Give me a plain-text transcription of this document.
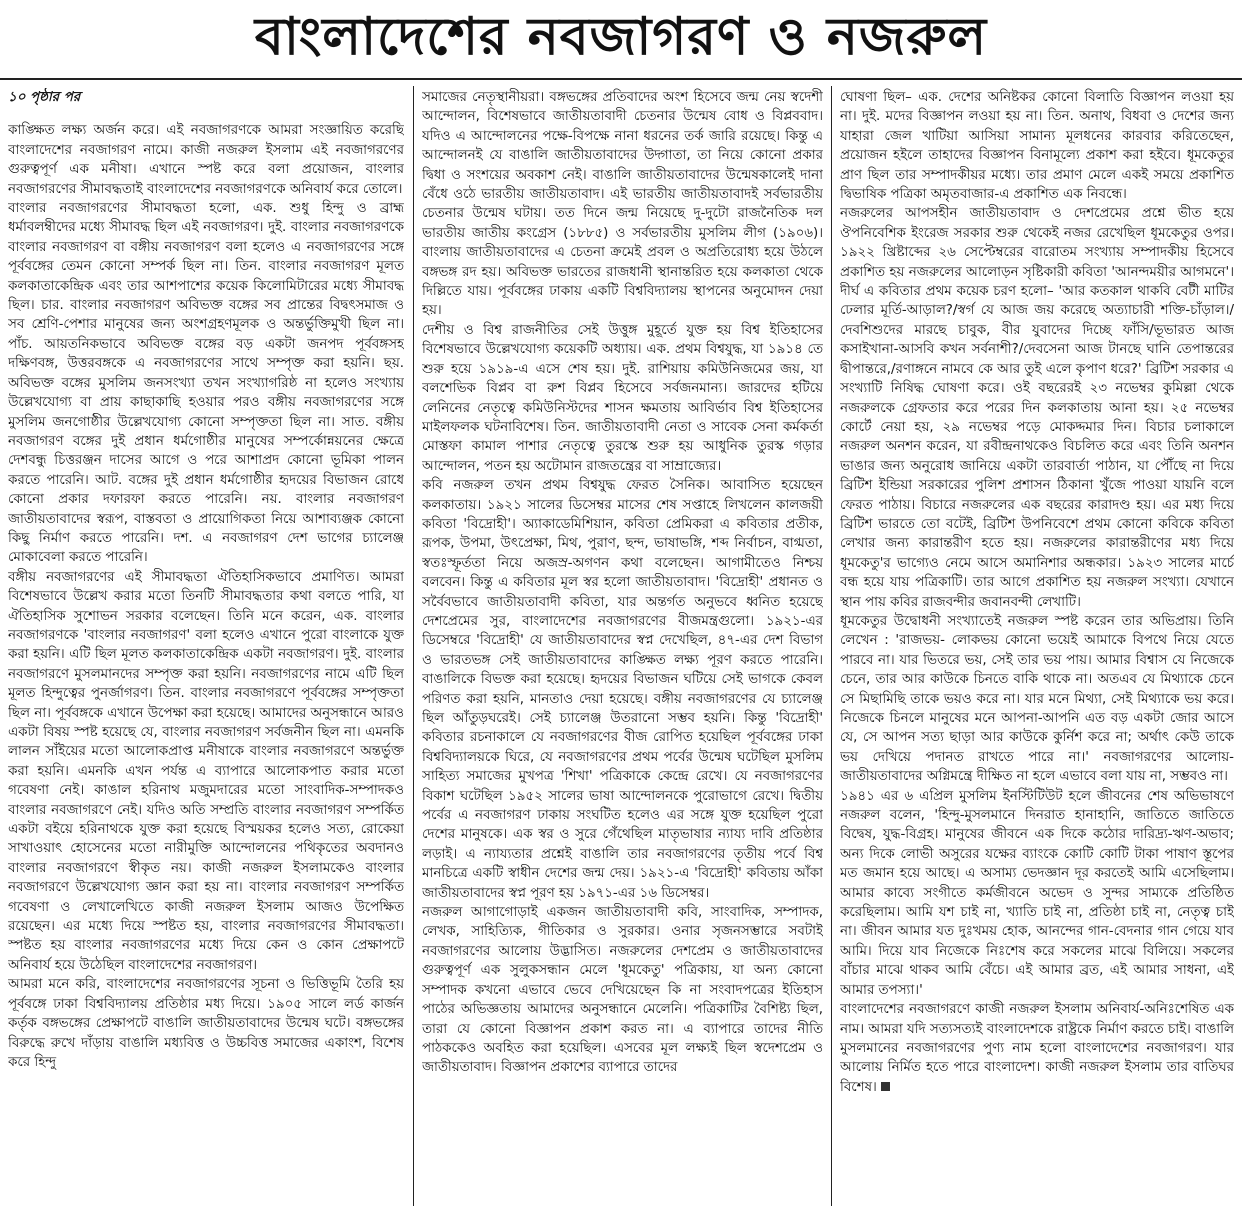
বাংলাদেশের নবজাগরণ ও নজরুল

১০ পৃষ্ঠার পর

কাঙ্ক্ষিত লক্ষ্য অর্জন করে। এই নবজাগরণকে আমরা সংজ্ঞায়িত করেছি বাংলাদেশের নবজাগরণ নামে। কাজী নজরুল ইসলাম এই নবজাগরণের গুরুত্বপূর্ণ এক মনীষা। এখানে স্পষ্ট করে বলা প্রয়োজন, বাংলার নবজাগরণের সীমাবদ্ধতাই বাংলাদেশের নবজাগরণকে অনিবার্য করে তোলে।

বাংলার নবজাগরণের সীমাবদ্ধতা হলো, এক. শুধু হিন্দু ও ব্রাহ্ম ধর্মাবলম্বীদের মধ্যে সীমাবদ্ধ ছিল এই নবজাগরণ। দুই. বাংলার নবজাগরণকে বাংলার নবজাগরণ বা বঙ্গীয় নবজাগরণ বলা হলেও এ নবজাগরণের সঙ্গে পূর্ববঙ্গের তেমন কোনো সম্পর্ক ছিল না। তিন. বাংলার নবজাগরণ মূলত কলকাতাকেন্দ্রিক এবং তার আশপাশের কয়েক কিলোমিটারের মধ্যে সীমাবদ্ধ ছিল। চার. বাংলার নবজাগরণ অবিভক্ত বঙ্গের সব প্রান্তের বিদ্বৎসমাজ ও সব শ্রেণি-পেশার মানুষের জন্য অংশগ্রহণমূলক ও অন্তর্ভুক্তিমুখী ছিল না। পাঁচ. আয়তনিকভাবে অবিভক্ত বঙ্গের বড় একটা জনপদ পূর্ববঙ্গসহ দক্ষিণবঙ্গ, উত্তরবঙ্গকে এ নবজাগরণের সাথে সম্পৃক্ত করা হয়নি। ছয়. অবিভক্ত বঙ্গের মুসলিম জনসংখ্যা তখন সংখ্যাগরিষ্ঠ না হলেও সংখ্যায় উল্লেখযোগ্য বা প্রায় কাছাকাছি হওয়ার পরও বঙ্গীয় নবজাগরণের সঙ্গে মুসলিম জনগোষ্ঠীর উল্লেখযোগ্য কোনো সম্পৃক্ততা ছিল না। সাত. বঙ্গীয় নবজাগরণ বঙ্গের দুই প্রধান ধর্মগোষ্ঠীর মানুষের সম্পর্কোন্নয়নের ক্ষেত্রে দেশবন্ধু চিত্তরঞ্জন দাসের আগে ও পরে আশাপ্রদ কোনো ভূমিকা পালন করতে পারেনি। আট. বঙ্গের দুই প্রধান ধর্মগোষ্ঠীর হৃদয়ের বিভাজন রোধে কোনো প্রকার দফারফা করতে পারেনি। নয়. বাংলার নবজাগরণ জাতীয়তাবাদের স্বরূপ, বাস্তবতা ও প্রায়োগিকতা নিয়ে আশাব্যঞ্জক কোনো কিছু নির্মাণ করতে পারেনি। দশ. এ নবজাগরণ দেশ ভাগের চ্যালেঞ্জ মোকাবেলা করতে পারেনি।

বঙ্গীয় নবজাগরণের এই সীমাবদ্ধতা ঐতিহাসিকভাবে প্রমাণিত। আমরা বিশেষভাবে উল্লেখ করার মতো তিনটি সীমাবদ্ধতার কথা বলতে পারি, যা ঐতিহাসিক সুশোভন সরকার বলেছেন। তিনি মনে করেন, এক. বাংলার নবজাগরণকে 'বাংলার নবজাগরণ' বলা হলেও এখানে পুরো বাংলাকে যুক্ত করা হয়নি। এটি ছিল মূলত কলকাতাকেন্দ্রিক একটা নবজাগরণ। দুই. বাংলার নবজাগরণে মুসলমানদের সম্পৃক্ত করা হয়নি। নবজাগরণের নামে এটি ছিল মূলত হিন্দুত্বের পুনর্জাগরণ। তিন. বাংলার নবজাগরণে পূর্ববঙ্গের সম্পৃক্ততা ছিল না। পূর্ববঙ্গকে এখানে উপেক্ষা করা হয়েছে। আমাদের অনুসন্ধানে আরও একটা বিষয় স্পষ্ট হয়েছে যে, বাংলার নবজাগরণ সর্বজনীন ছিল না। এমনকি লালন সাঁইয়ের মতো আলোকপ্রাপ্ত মনীষাকে বাংলার নবজাগরণে অন্তর্ভুক্ত করা হয়নি। এমনকি এখন পর্যন্ত এ ব্যাপারে আলোকপাত করার মতো গবেষণা নেই। কাঙাল হরিনাথ মজুমদারের মতো সাংবাদিক-সম্পাদকও বাংলার নবজাগরণে নেই। যদিও অতি সম্প্রতি বাংলার নবজাগরণ সম্পর্কিত একটা বইয়ে হরিনাথকে যুক্ত করা হয়েছে বিস্ময়কর হলেও সত্য, রোকেয়া সাখাওয়াৎ হোসেনের মতো নারীমুক্তি আন্দোলনের পথিকৃতের অবদানও বাংলার নবজাগরণে স্বীকৃত নয়। কাজী নজরুল ইসলামকেও বাংলার নবজাগরণে উল্লেখযোগ্য জ্ঞান করা হয় না। বাংলার নবজাগরণ সম্পর্কিত গবেষণা ও লেখালেখিতে কাজী নজরুল ইসলাম আজও উপেক্ষিত রয়েছেন। এর মধ্যে দিয়ে স্পষ্টত হয়, বাংলার নবজাগরণের সীমাবদ্ধতা। স্পষ্টত হয় বাংলার নবজাগরণের মধ্যে দিয়ে কেন ও কোন প্রেক্ষাপটে অনিবার্য হয়ে উঠেছিল বাংলাদেশের নবজাগরণ।

আমরা মনে করি, বাংলাদেশের নবজাগরণের সূচনা ও ভিত্তিভূমি তৈরি হয় পূর্ববঙ্গে ঢাকা বিশ্ববিদ্যালয় প্রতিষ্ঠার মধ্য দিয়ে। ১৯০৫ সালে লর্ড কার্জন কর্তৃক বঙ্গভঙ্গের প্রেক্ষাপটে বাঙালি জাতীয়তাবাদের উন্মেষ ঘটে। বঙ্গভঙ্গের বিরুদ্ধে রুখে দাঁড়ায় বাঙালি মধ্যবিত্ত ও উচ্চবিত্ত সমাজের একাংশ, বিশেষ করে হিন্দু

সমাজের নেতৃস্থানীয়রা। বঙ্গভঙ্গের প্রতিবাদের অংশ হিসেবে জন্ম নেয় স্বদেশী আন্দোলন, বিশেষভাবে জাতীয়তাবাদী চেতনার উন্মেষ বোধ ও বিপ্লববাদ। যদিও এ আন্দোলনের পক্ষে-বিপক্ষে নানা ধরনের তর্ক জারি রয়েছে। কিন্তু এ আন্দোলনই যে বাঙালি জাতীয়তাবাদের উদ্গাতা, তা নিয়ে কোনো প্রকার দ্বিধা ও সংশয়ের অবকাশ নেই। বাঙালি জাতীয়তাবাদের উন্মেষকালেই দানা বেঁধে ওঠে ভারতীয় জাতীয়তাবাদ। এই ভারতীয় জাতীয়তাবাদই সর্বভারতীয় চেতনার উন্মেষ ঘটায়। তত দিনে জন্ম নিয়েছে দু-দুটো রাজনৈতিক দল ভারতীয় জাতীয় কংগ্রেস (১৮৮৫) ও সর্বভারতীয় মুসলিম লীগ (১৯০৬)। বাংলায় জাতীয়তাবাদের এ চেতনা ক্রমেই প্রবল ও অপ্রতিরোধ্য হয়ে উঠলে বঙ্গভঙ্গ রদ হয়। অবিভক্ত ভারতের রাজধানী স্থানান্তরিত হয়ে কলকাতা থেকে দিল্লিতে যায়। পূর্ববঙ্গের ঢাকায় একটি বিশ্ববিদ্যালয় স্থাপনের অনুমোদন দেয়া হয়।

দেশীয় ও বিশ্ব রাজনীতির সেই উত্তুঙ্গ মুহূর্তে যুক্ত হয় বিশ্ব ইতিহাসের বিশেষভাবে উল্লেখযোগ্য কয়েকটি অধ্যায়। এক. প্রথম বিশ্বযুদ্ধ, যা ১৯১৪ তে শুরু হয়ে ১৯১৯-এ এসে শেষ হয়। দুই. রাশিয়ায় কমিউনিজমের জয়, যা বলশেভিক বিপ্লব বা রুশ বিপ্লব হিসেবে সর্বজনমান্য। জারদের হটিয়ে লেনিনের নেতৃত্বে কমিউনিস্টদের শাসন ক্ষমতায় আবির্ভাব বিশ্ব ইতিহাসের মাইলফলক ঘটনাবিশেষ। তিন. জাতীয়তাবাদী নেতা ও সাবেক সেনা কর্মকর্তা মোস্তফা কামাল পাশার নেতৃত্বে তুরস্কে শুরু হয় আধুনিক তুরস্ক গড়ার আন্দোলন, পতন হয় অটোমান রাজতন্ত্রের বা সাম্রাজ্যের।

কবি নজরুল তখন প্রথম বিশ্বযুদ্ধ ফেরত সৈনিক। আবাসিত হয়েছেন কলকাতায়। ১৯২১ সালের ডিসেম্বর মাসের শেষ সপ্তাহে লিখলেন কালজয়ী কবিতা 'বিদ্রোহী'। অ্যাকাডেমিশিয়ান, কবিতা প্রেমিকরা এ কবিতার প্রতীক, রূপক, উপমা, উৎপ্রেক্ষা, মিথ, পুরাণ, ছন্দ, ভাষাভঙ্গি, শব্দ নির্বাচন, বাগ্মতা, স্বতঃস্ফূর্ততা নিয়ে অজস্র-অগণন কথা বলেছেন। আগামীতেও নিশ্চয় বলবেন। কিন্তু এ কবিতার মূল স্বর হলো জাতীয়তাবাদ। 'বিদ্রোহী' প্রধানত ও সর্বৈবভাবে জাতীয়তাবাদী কবিতা, যার অন্তর্গত অনুভবে ধ্বনিত হয়েছে দেশপ্রেমের সুর, বাংলাদেশের নবজাগরণের বীজমন্ত্রগুলো। ১৯২১-এর ডিসেম্বরে 'বিদ্রোহী' যে জাতীয়তাবাদের স্বপ্ন দেখেছিল, ৪৭-এর দেশ বিভাগ ও ভারতভঙ্গ সেই জাতীয়তাবাদের কাঙ্ক্ষিত লক্ষ্য পূরণ করতে পারেনি। বাঙালিকে বিভক্ত করা হয়েছে। হৃদয়ের বিভাজন ঘটিয়ে সেই ভাগকে কেবল পরিণত করা হয়নি, মানতাও দেয়া হয়েছে। বঙ্গীয় নবজাগরণের যে চ্যালেঞ্জ ছিল আঁতুড়ঘরেই। সেই চ্যালেঞ্জ উতরানো সম্ভব হয়নি। কিন্তু 'বিদ্রোহী' কবিতার রচনাকালে যে নবজাগরণের বীজ রোপিত হয়েছিল পূর্ববঙ্গের ঢাকা বিশ্ববিদ্যালয়কে ঘিরে, যে নবজাগরণের প্রথম পর্বের উন্মেষ ঘটেছিল মুসলিম সাহিত্য সমাজের মুখপত্র 'শিখা' পত্রিকাকে কেন্দ্রে রেখে। যে নবজাগরণের বিকাশ ঘটেছিল ১৯৫২ সালের ভাষা আন্দোলনকে পুরোভাগে রেখে। দ্বিতীয় পর্বের এ নবজাগরণ ঢাকায় সংঘটিত হলেও এর সঙ্গে যুক্ত হয়েছিল পুরো দেশের মানুষকে। এক স্বর ও সুরে গেঁথেছিল মাতৃভাষার ন্যায্য দাবি প্রতিষ্ঠার লড়াই। এ ন্যায্যতার প্রশ্নেই বাঙালি তার নবজাগরণের তৃতীয় পর্বে বিশ্ব মানচিত্রে একটি স্বাধীন দেশের জন্ম দেয়। ১৯২১-এ 'বিদ্রোহী' কবিতায় আঁকা জাতীয়তাবাদের স্বপ্ন পূরণ হয় ১৯৭১-এর ১৬ ডিসেম্বর।

নজরুল আগাগোড়াই একজন জাতীয়তাবাদী কবি, সাংবাদিক, সম্পাদক, লেখক, সাহিত্যিক, গীতিকার ও সুরকার। ওনার সৃজনসম্ভারে সবটাই নবজাগরণের আলোয় উদ্ভাসিত। নজরুলের দেশপ্রেম ও জাতীয়তাবাদের গুরুত্বপূর্ণ এক সুলুকসন্ধান মেলে 'ধূমকেতু' পত্রিকায়, যা অন্য কোনো সম্পাদক কখনো এভাবে ভেবে দেখিয়েছেন কি না সংবাদপত্রের ইতিহাস পাঠের অভিজ্ঞতায় আমাদের অনুসন্ধানে মেলেনি। পত্রিকাটির বৈশিষ্ট্য ছিল, তারা যে কোনো বিজ্ঞাপন প্রকাশ করত না। এ ব্যাপারে তাদের নীতি পাঠককেও অবহিত করা হয়েছিল। এসবের মূল লক্ষ্যই ছিল স্বদেশপ্রেম ও জাতীয়তাবাদ। বিজ্ঞাপন প্রকাশের ব্যাপারে তাদের

ঘোষণা ছিল– এক. দেশের অনিষ্টকর কোনো বিলাতি বিজ্ঞাপন লওয়া হয় না। দুই. মদের বিজ্ঞাপন লওয়া হয় না। তিন. অনাথ, বিধবা ও দেশের জন্য যাহারা জেল খাটিয়া আসিয়া সামান্য মূলধনের কারবার করিতেছেন, প্রয়োজন হইলে তাহাদের বিজ্ঞাপন বিনামূল্যে প্রকাশ করা হইবে। ধূমকেতুর প্রাণ ছিল তার সম্পাদকীয়র মধ্যে। তার প্রমাণ মেলে একই সময়ে প্রকাশিত দ্বিভাষিক পত্রিকা অমৃতবাজার-এ প্রকাশিত এক নিবন্ধে।

নজরুলের আপসহীন জাতীয়তাবাদ ও দেশপ্রেমের প্রশ্নে ভীত হয়ে ঔপনিবেশিক ইংরেজ সরকার শুরু থেকেই নজর রেখেছিল ধূমকেতুর ওপর। ১৯২২ খ্রিষ্টাব্দের ২৬ সেপ্টেম্বরের বারোতম সংখ্যায় সম্পাদকীয় হিসেবে প্রকাশিত হয় নজরুলের আলোড়ন সৃষ্টিকারী কবিতা 'আনন্দময়ীর আগমনে'। দীর্ঘ এ কবিতার প্রথম কয়েক চরণ হলো– 'আর কতকাল থাকবি বেটী মাটির ঢেলার মূর্তি-আড়াল?/স্বর্গ যে আজ জয় করেছে অত্যাচারী শক্তি-চাঁড়াল।/দেবশিশুদের মারছে চাবুক, বীর যুবাদের দিচ্ছে ফাঁসি/ভূভারত আজ কসাইখানা-আসবি কখন সর্বনাশী?/দেবসেনা আজ টানছে ঘানি তেপান্তরের দ্বীপান্তরে,/রণাঙ্গনে নামবে কে আর তুই এলে কৃপাণ ধরে?' ব্রিটিশ সরকার এ সংখ্যাটি নিষিদ্ধ ঘোষণা করে। ওই বছরেরই ২৩ নভেম্বর কুমিল্লা থেকে নজরুলকে গ্রেফতার করে পরের দিন কলকাতায় আনা হয়। ২৫ নভেম্বর কোর্টে নেয়া হয়, ২৯ নভেম্বর পড়ে মোকদ্দমার দিন। বিচার চলাকালে নজরুল অনশন করেন, যা রবীন্দ্রনাথকেও বিচলিত করে এবং তিনি অনশন ভাঙার জন্য অনুরোধ জানিয়ে একটা তারবার্তা পাঠান, যা পৌঁছে না দিয়ে ব্রিটিশ ইন্ডিয়া সরকারের পুলিশ প্রশাসন ঠিকানা খুঁজে পাওয়া যায়নি বলে ফেরত পাঠায়। বিচারে নজরুলের এক বছরের কারাদণ্ড হয়। এর মধ্য দিয়ে ব্রিটিশ ভারতে তো বটেই, ব্রিটিশ উপনিবেশে প্রথম কোনো কবিকে কবিতা লেখার জন্য কারান্তরীণ হতে হয়। নজরুলের কারান্তরীণের মধ্য দিয়ে ধূমকেতু'র ভাগ্যেও নেমে আসে অমানিশার অন্ধকার। ১৯২৩ সালের মার্চে বন্ধ হয়ে যায় পত্রিকাটি। তার আগে প্রকাশিত হয় নজরুল সংখ্যা। যেখানে স্থান পায় কবির রাজবন্দীর জবানবন্দী লেখাটি।

ধূমকেতুর উদ্বোধনী সংখ্যাতেই নজরুল স্পষ্ট করেন তার অভিপ্রায়। তিনি লেখেন : 'রাজভয়- লোকভয় কোনো ভয়েই আমাকে বিপথে নিয়ে যেতে পারবে না। যার ভিতরে ভয়, সেই তার ভয় পায়। আমার বিশ্বাস যে নিজেকে চেনে, তার আর কাউকে চিনতে বাকি থাকে না। অতএব যে মিথ্যাকে চেনে সে মিছামিছি তাকে ভয়ও করে না। যার মনে মিথ্যা, সেই মিথ্যাকে ভয় করে। নিজেকে চিনলে মানুষের মনে আপনা-আপনি এত বড় একটা জোর আসে যে, সে আপন সত্য ছাড়া আর কাউকে কুর্নিশ করে না; অর্থাৎ কেউ তাকে ভয় দেখিয়ে পদানত রাখতে পারে না।' নবজাগরণের আলোয়-জাতীয়তাবাদের অগ্নিমন্ত্রে দীক্ষিত না হলে এভাবে বলা যায় না, সম্ভবও না।

১৯৪১ এর ৬ এপ্রিল মুসলিম ইনস্টিটিউট হলে জীবনের শেষ অভিভাষণে নজরুল বলেন, 'হিন্দু-মুসলমানে দিনরাত হানাহানি, জাতিতে জাতিতে বিদ্বেষ, যুদ্ধ-বিগ্রহ। মানুষের জীবনে এক দিকে কঠোর দারিদ্র্য-ঋণ-অভাব; অন্য দিকে লোভী অসুরের যক্ষের ব্যাংকে কোটি কোটি টাকা পাষাণ স্তূপের মত জমান হয়ে আছে। এ অসাম্য ভেদজ্ঞান দূর করতেই আমি এসেছিলাম। আমার কাব্যে সংগীতে কর্মজীবনে অভেদ ও সুন্দর সাম্যকে প্রতিষ্ঠিত করেছিলাম। আমি যশ চাই না, খ্যাতি চাই না, প্রতিষ্ঠা চাই না, নেতৃত্ব চাই না। জীবন আমার যত দুঃখময় হোক, আনন্দের গান-বেদনার গান গেয়ে যাব আমি। দিয়ে যাব নিজেকে নিঃশেষ করে সকলের মাঝে বিলিয়ে। সকলের বাঁচার মাঝে থাকব আমি বেঁচে। এই আমার ব্রত, এই আমার সাধনা, এই আমার তপস্যা।'

বাংলাদেশের নবজাগরণে কাজী নজরুল ইসলাম অনিবার্য-অনিঃশেষিত এক নাম। আমরা যদি সত্যসত্যই বাংলাদেশকে রাষ্ট্রকে নির্মাণ করতে চাই। বাঙালি মুসলমানের নবজাগরণের পুণ্য নাম হলো বাংলাদেশের নবজাগরণ। যার আলোয় নির্মিত হতে পারে বাংলাদেশ। কাজী নজরুল ইসলাম তার বাতিঘর বিশেষ।
